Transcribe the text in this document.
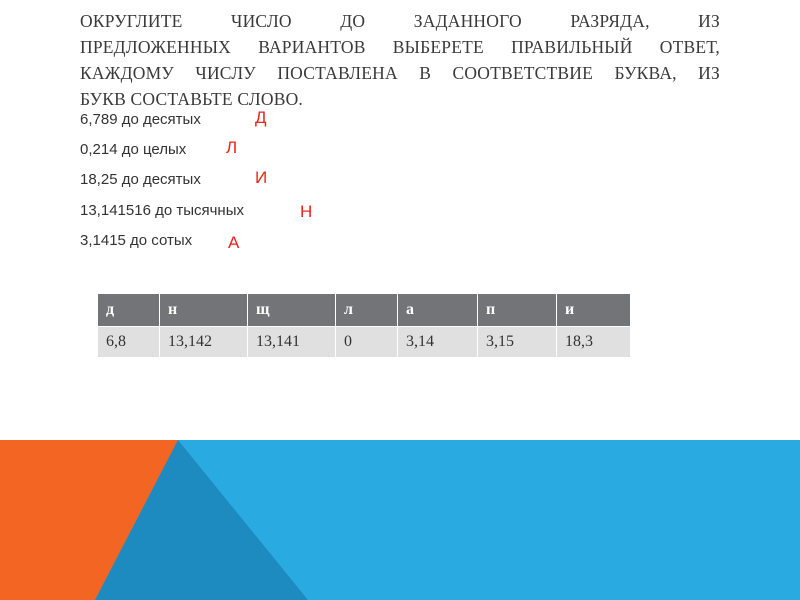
ОКРУГЛИТЕ ЧИСЛО ДО ЗАДАННОГО РАЗРЯДА, ИЗ
ПРЕДЛОЖЕННЫХ ВАРИАНТОВ ВЫБЕРЕТЕ ПРАВИЛЬНЫЙ ОТВЕТ,
КАЖДОМУ ЧИСЛУ ПОСТАВЛЕНА В СООТВЕТСТВИЕ БУКВА, ИЗ
БУКВ СОСТАВЬТЕ СЛОВО.
6,789 до десятых	Д
0,214 до целых Л
18,25 до десятых	И
13,141516 до тысячных	Н
3,1415 до сотых А
д	н	щ	л	а	п	и
6,8	13,142	13,141	0	3,14	3,15	18,3
